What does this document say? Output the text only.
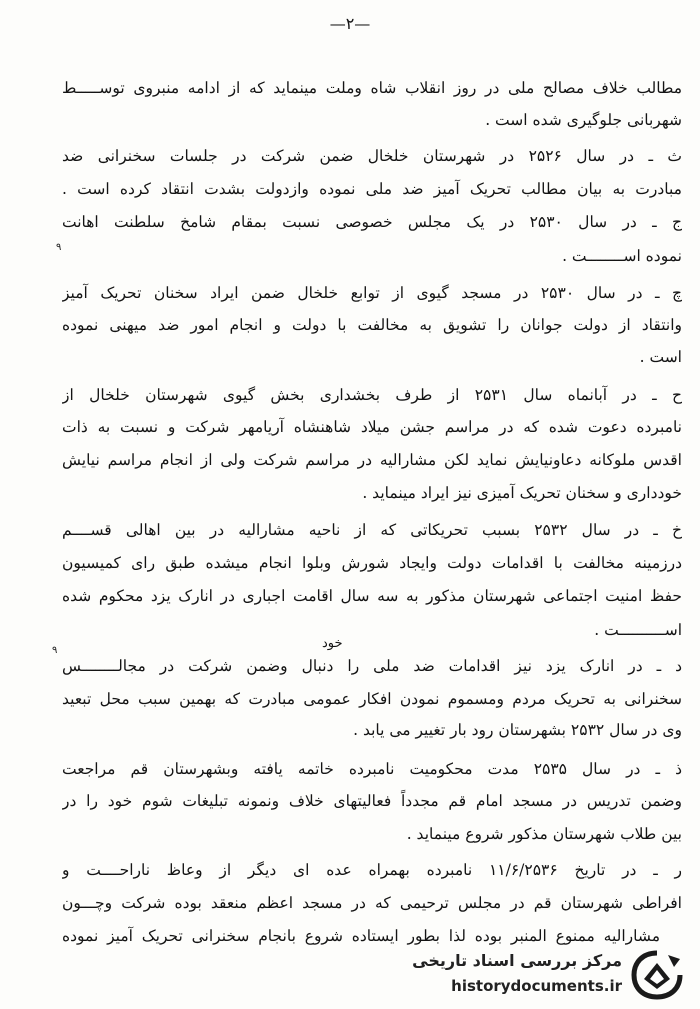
—۲—
مطالب خلاف مصالح ملی در روز انقلاب شاه وملت مینماید که از ادامه منبروی توســـــط
شهربانی جلوگیری شده است .
ث ـ در سال ۲۵۲۶ در شهرستان خلخال ضمن شرکت در جلسات سخنرانی ضد
مبادرت به بیان مطالب تحریک آمیز ضد ملی نموده وازدولت بشدت انتقاد کرده است .
ج ـ در سال ۲۵۳۰ در یک مجلس خصوصی نسبت بمقام شامخ سلطنت اهانت
نموده اســــــــت .
چ ـ در سال ۲۵۳۰ در مسجد گیوی از توابع خلخال ضمن ایراد سخنان تحریک آمیز
وانتقاد از دولت جوانان را تشویق به مخالفت با دولت و انجام امور ضد میهنی نموده
است .
ح ـ در آبانماه سال ۲۵۳۱ از طرف بخشداری بخش گیوی شهرستان خلخال از
نامبرده دعوت شده که در مراسم جشن میلاد شاهنشاه آریامهر شرکت و نسبت به ذات
اقدس ملوکانه دعاونیایش نماید لکن مشارالیه در مراسم شرکت ولی از انجام مراسم نیایش
خودداری و سخنان تحریک آمیزی نیز ایراد مینماید .
خ ـ در سال ۲۵۳۲ بسبب تحریکاتی که از ناحیه مشارالیه در بین اهالی قســــم
درزمینه مخالفت با اقدامات دولت وایجاد شورش وبلوا انجام میشده طبق رای کمیسیون
حفظ امنیت اجتماعی شهرستان مذکور به سه سال اقامت اجباری در انارک یزد محکوم شده
اســــــــــت .
خود
د ـ در انارک یزد نیز اقدامات ضد ملی را دنبال وضمن شرکت در مجالــــــــس
سخنرانی به تحریک مردم ومسموم نمودن افکار عمومی مبادرت که بهمین سبب محل تبعید
وی در سال ۲۵۳۲ بشهرستان رود بار تغییر می یابد .
ذ ـ در سال ۲۵۳۵ مدت محکومیت نامبرده خاتمه یافته وبشهرستان قم مراجعت
وضمن تدریس در مسجد امام قم مجدداً فعالیتهای خلاف ونمونه تبلیغات شوم خود را در
بین طلاب شهرستان مذکور شروع مینماید .
ر ـ در تاریخ ۱۱/۶/۲۵۳۶ نامبرده بهمراه عده ای دیگر از وعاظ ناراحــــت و
افراطی شهرستان قم در مجلس ترحیمی که در مسجد اعظم منعقد بوده شرکت وچـــون
مشارالیه ممنوع المنبر بوده لذا بطور ایستاده شروع بانجام سخنرانی تحریک آمیز نموده
۹
۹
مرکز بررسی اسناد تاریخی
historydocuments.ir
